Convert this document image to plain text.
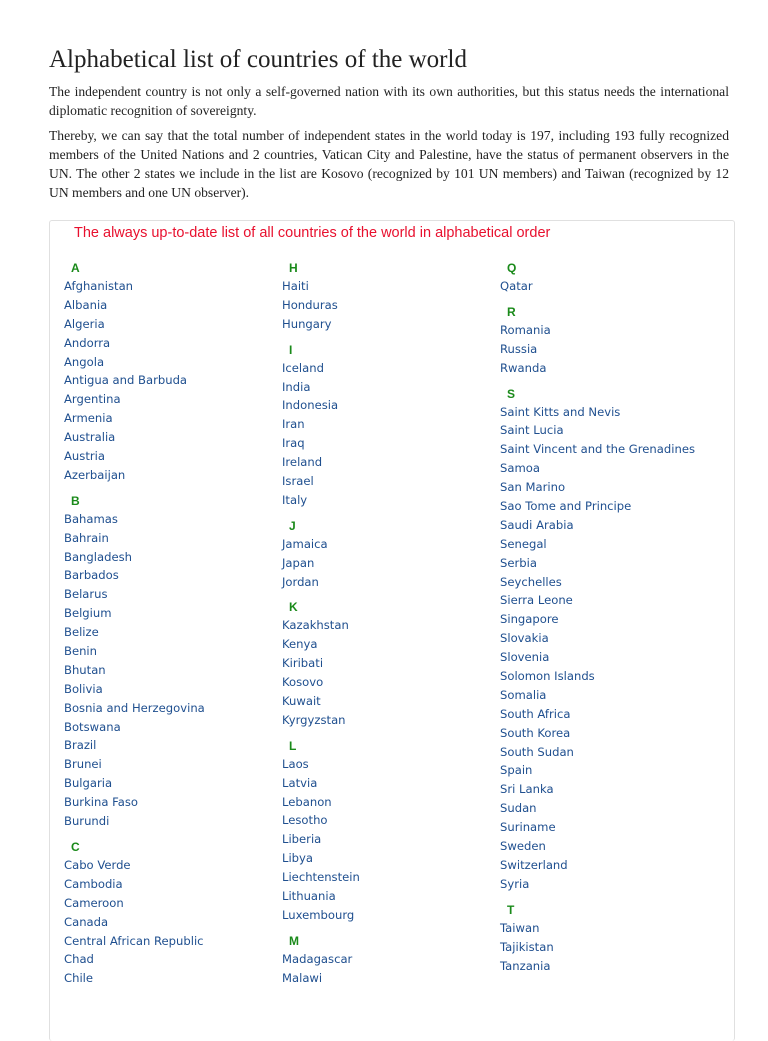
Alphabetical list of countries of the world

The independent country is not only a self-governed nation with its own authorities, but this status needs the international diplomatic recognition of sovereignty.

Thereby, we can say that the total number of independent states in the world today is 197, including 193 fully recognized members of the United Nations and 2 countries, Vatican City and Palestine, have the status of permanent observers in the UN. The other 2 states we include in the list are Kosovo (recognized by 101 UN members) and Taiwan (recognized by 12 UN members and one UN observer).

The always up-to-date list of all countries of the world in alphabetical order
A
Afghanistan
Albania
Algeria
Andorra
Angola
Antigua and Barbuda
Argentina
Armenia
Australia
Austria
Azerbaijan
B
Bahamas
Bahrain
Bangladesh
Barbados
Belarus
Belgium
Belize
Benin
Bhutan
Bolivia
Bosnia and Herzegovina
Botswana
Brazil
Brunei
Bulgaria
Burkina Faso
Burundi
C
Cabo Verde
Cambodia
Cameroon
Canada
Central African Republic
Chad
Chile
H
Haiti
Honduras
Hungary
I
Iceland
India
Indonesia
Iran
Iraq
Ireland
Israel
Italy
J
Jamaica
Japan
Jordan
K
Kazakhstan
Kenya
Kiribati
Kosovo
Kuwait
Kyrgyzstan
L
Laos
Latvia
Lebanon
Lesotho
Liberia
Libya
Liechtenstein
Lithuania
Luxembourg
M
Madagascar
Malawi
Q
Qatar
R
Romania
Russia
Rwanda
S
Saint Kitts and Nevis
Saint Lucia
Saint Vincent and the Grenadines
Samoa
San Marino
Sao Tome and Principe
Saudi Arabia
Senegal
Serbia
Seychelles
Sierra Leone
Singapore
Slovakia
Slovenia
Solomon Islands
Somalia
South Africa
South Korea
South Sudan
Spain
Sri Lanka
Sudan
Suriname
Sweden
Switzerland
Syria
T
Taiwan
Tajikistan
Tanzania
